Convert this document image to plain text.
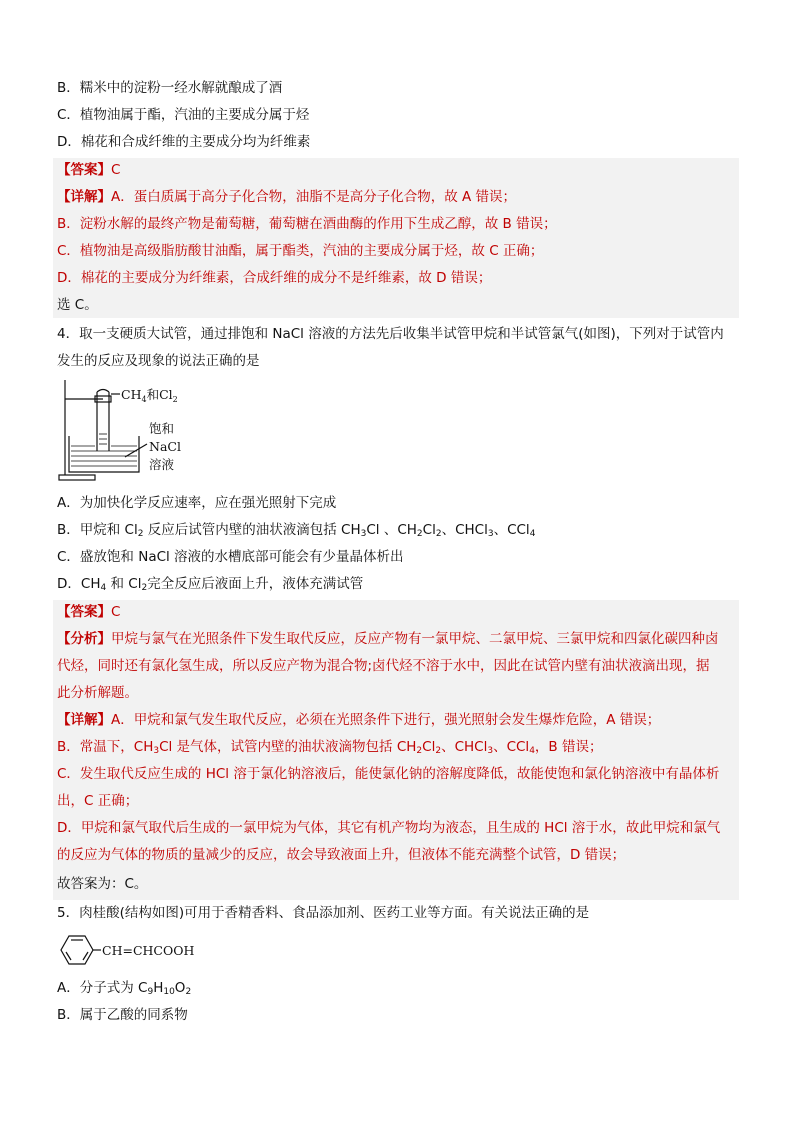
B．糯米中的淀粉一经水解就酿成了酒
C．植物油属于酯，汽油的主要成分属于烃
D．棉花和合成纤维的主要成分均为纤维素
【答案】C
【详解】A．蛋白质属于高分子化合物，油脂不是高分子化合物，故 A 错误；
B．淀粉水解的最终产物是葡萄糖，葡萄糖在酒曲酶的作用下生成乙醇，故 B 错误；
C．植物油是高级脂肪酸甘油酯，属于酯类，汽油的主要成分属于烃，故 C 正确；
D．棉花的主要成分为纤维素，合成纤维的成分不是纤维素，故 D 错误；
选 C。
4．取一支硬质大试管，通过排饱和 NaCl 溶液的方法先后收集半试管甲烷和半试管氯气(如图)，下列对于试管内
发生的反应及现象的说法正确的是
$CH_4$和$Cl_2$
饱和
NaCl
溶液
A．为加快化学反应速率，应在强光照射下完成
B．甲烷和 $Cl_2$ 反应后试管内壁的油状液滴包括 $CH_3Cl$ 、$CH_2Cl_2$、CHCl$_3$、CCl$_4$
C．盛放饱和 NaCl 溶液的水槽底部可能会有少量晶体析出
D．$CH_4$ 和 $Cl_2$完全反应后液面上升，液体充满试管
【答案】C
【分析】甲烷与氯气在光照条件下发生取代反应，反应产物有一氯甲烷、二氯甲烷、三氯甲烷和四氯化碳四种卤
代烃，同时还有氯化氢生成，所以反应产物为混合物;卤代烃不溶于水中，因此在试管内壁有油状液滴出现，据
此分析解题。
【详解】A．甲烷和氯气发生取代反应，必须在光照条件下进行，强光照射会发生爆炸危险，A 错误；
B．常温下，$CH_3Cl$ 是气体，试管内壁的油状液滴物包括 $CH_2Cl_2$、CHCl$_3$、CCl$_4$，B 错误；
C．发生取代反应生成的 HCl 溶于氯化钠溶液后，能使氯化钠的溶解度降低，故能使饱和氯化钠溶液中有晶体析
出，C 正确；
D．甲烷和氯气取代后生成的一氯甲烷为气体，其它有机产物均为液态，且生成的 HCl 溶于水，故此甲烷和氯气
的反应为气体的物质的量减少的反应，故会导致液面上升，但液体不能充满整个试管，D 错误；
故答案为：C。
5．肉桂酸(结构如图)可用于香精香料、食品添加剂、医药工业等方面。有关说法正确的是
CH=CHCOOH
A．分子式为 $C_9H_{10}O_2$
B．属于乙酸的同系物
